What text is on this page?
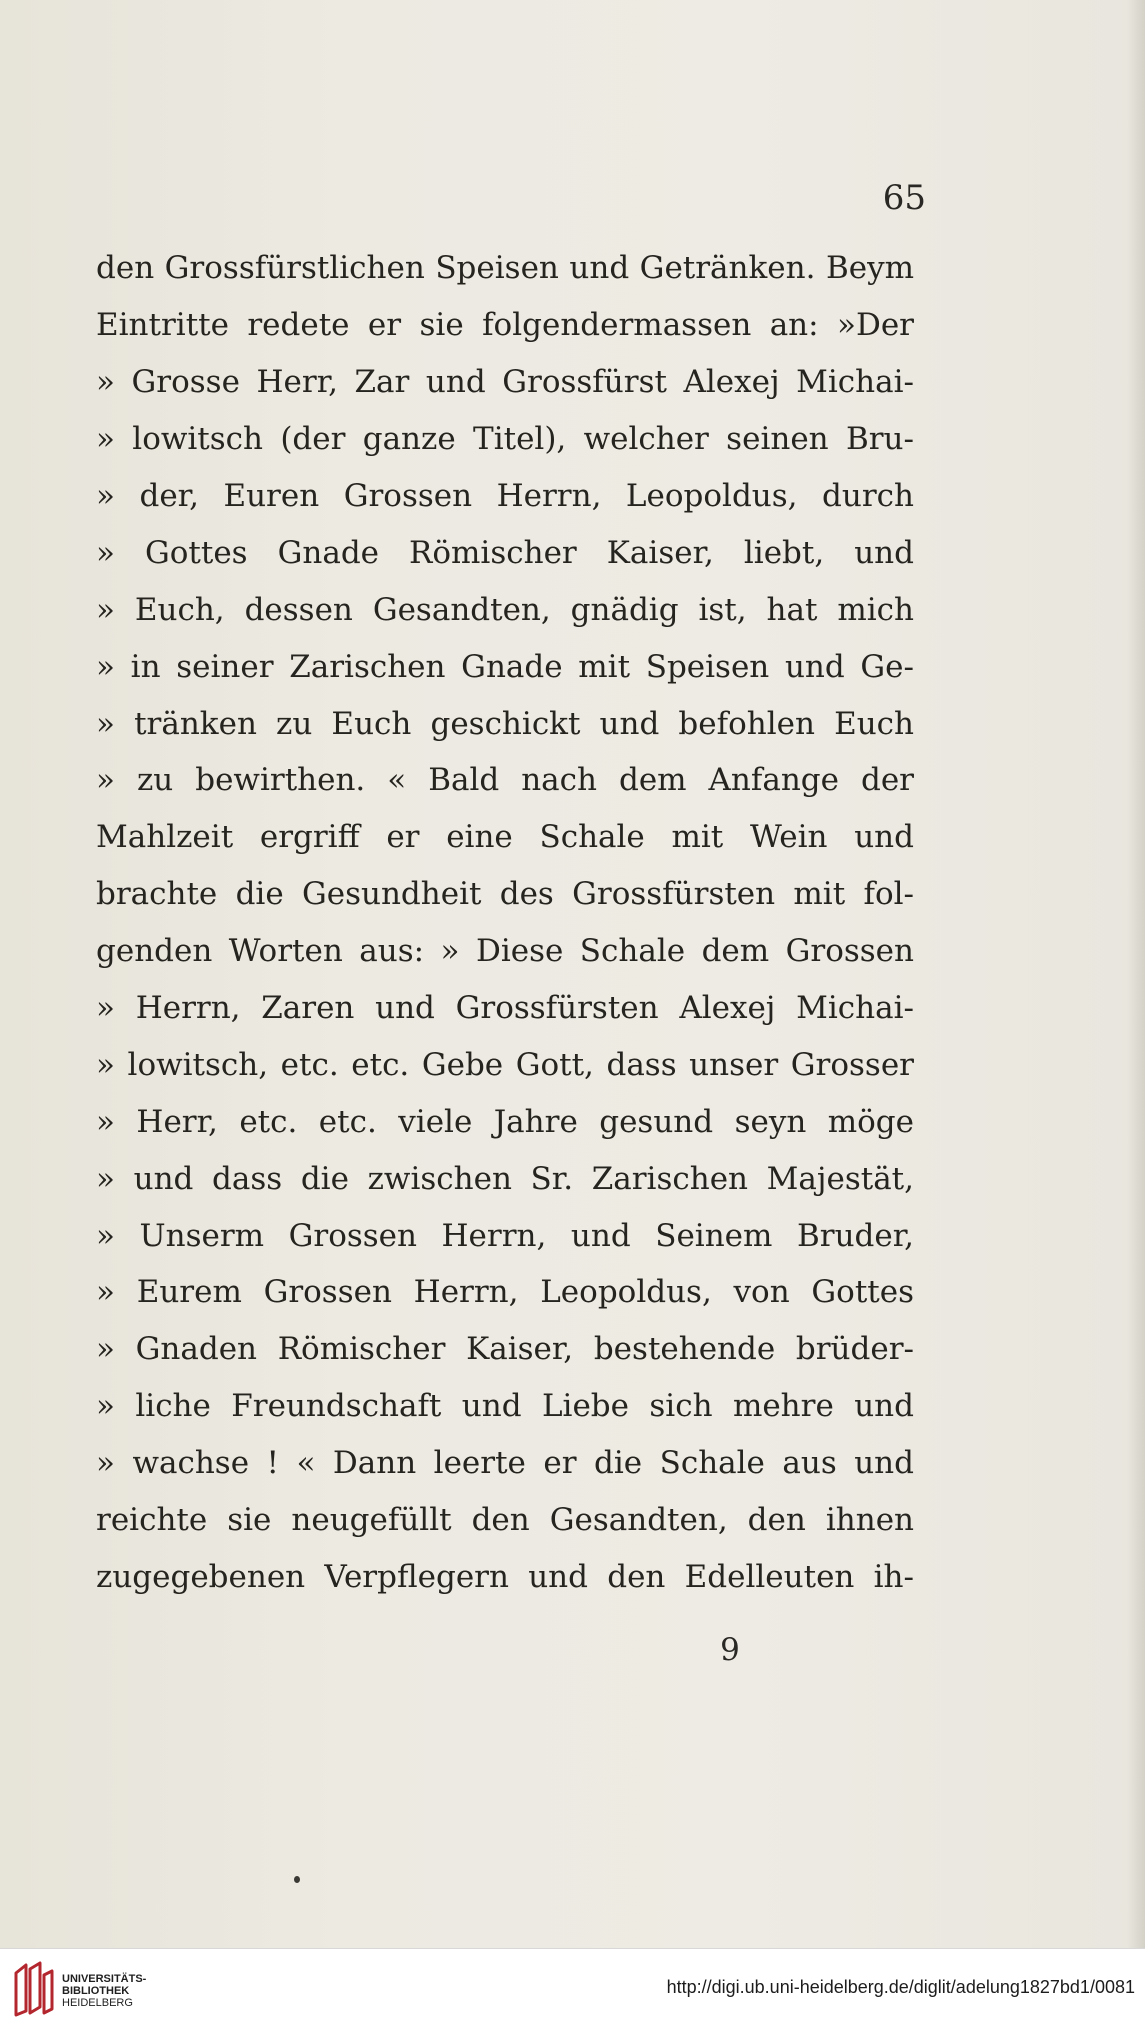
65
den Grossfürstlichen Speisen und Getränken. Beym
Eintritte redete er sie folgendermassen an: »Der
» Grosse Herr, Zar und Grossfürst Alexej Michai-
» lowitsch (der ganze Titel), welcher seinen Bru-
» der, Euren Grossen Herrn, Leopoldus, durch
» Gottes Gnade Römischer Kaiser, liebt, und
» Euch, dessen Gesandten, gnädig ist, hat mich
» in seiner Zarischen Gnade mit Speisen und Ge-
» tränken zu Euch geschickt und befohlen Euch
» zu bewirthen. « Bald nach dem Anfange der
Mahlzeit ergriff er eine Schale mit Wein und
brachte die Gesundheit des Grossfürsten mit fol-
genden Worten aus: » Diese Schale dem Grossen
» Herrn, Zaren und Grossfürsten Alexej Michai-
» lowitsch, etc. etc. Gebe Gott, dass unser Grosser
» Herr, etc. etc. viele Jahre gesund seyn möge
» und dass die zwischen Sr. Zarischen Majestät,
» Unserm Grossen Herrn, und Seinem Bruder,
» Eurem Grossen Herrn, Leopoldus, von Gottes
» Gnaden Römischer Kaiser, bestehende brüder-
» liche Freundschaft und Liebe sich mehre und
» wachse ! « Dann leerte er die Schale aus und
reichte sie neugefüllt den Gesandten, den ihnen
zugegebenen Verpflegern und den Edelleuten ih-
9
UNIVERSITÄTS-
BIBLIOTHEK
HEIDELBERG
http://digi.ub.uni-heidelberg.de/diglit/adelung1827bd1/0081
